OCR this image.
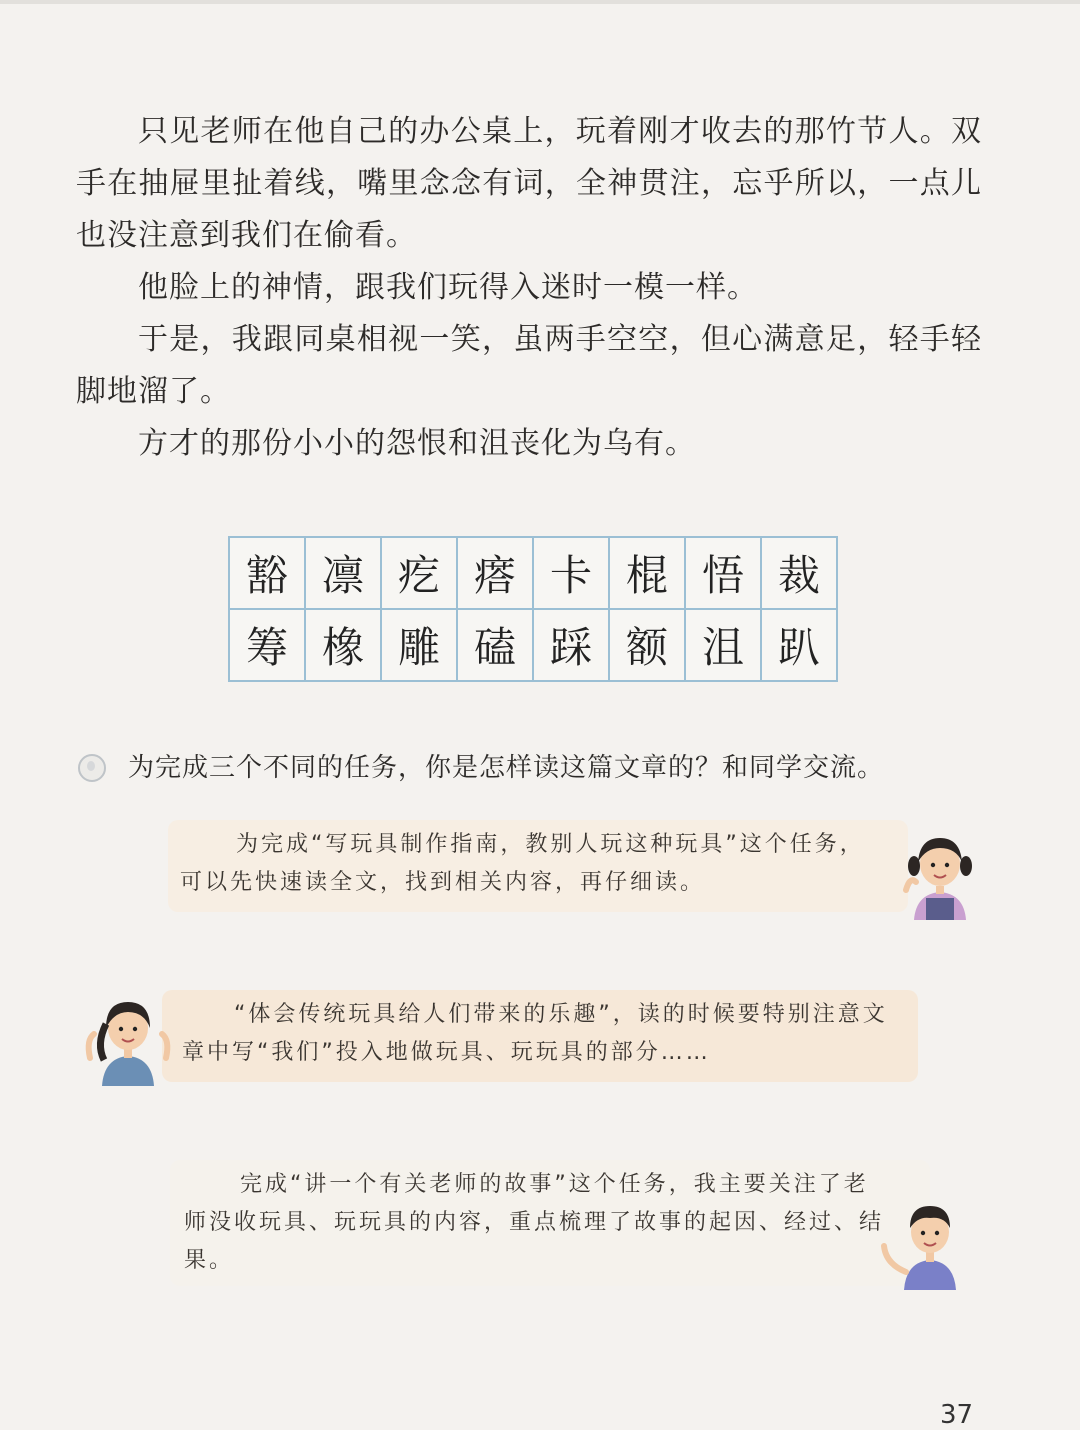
只见老师在他自己的办公桌上，玩着刚才收去的那竹节人。双手在抽屉里扯着线，嘴里念念有词，全神贯注，忘乎所以，一点儿也没注意到我们在偷看。

他脸上的神情，跟我们玩得入迷时一模一样。

于是，我跟同桌相视一笑，虽两手空空，但心满意足，轻手轻脚地溜了。

方才的那份小小的怨恨和沮丧化为乌有。

豁	凛	疙	瘩	卡	棍	悟	裁
筹	橡	雕	磕	踩	额	沮	趴
为完成三个不同的任务，你是怎样读这篇文章的？和同学交流。
为完成“写玩具制作指南，教别人玩这种玩具”这个任务，可以先快速读全文，找到相关内容，再仔细读。
“体会传统玩具给人们带来的乐趣”，读的时候要特别注意文章中写“我们”投入地做玩具、玩玩具的部分……
完成“讲一个有关老师的故事”这个任务，我主要关注了老师没收玩具、玩玩具的内容，重点梳理了故事的起因、经过、结果。
37
